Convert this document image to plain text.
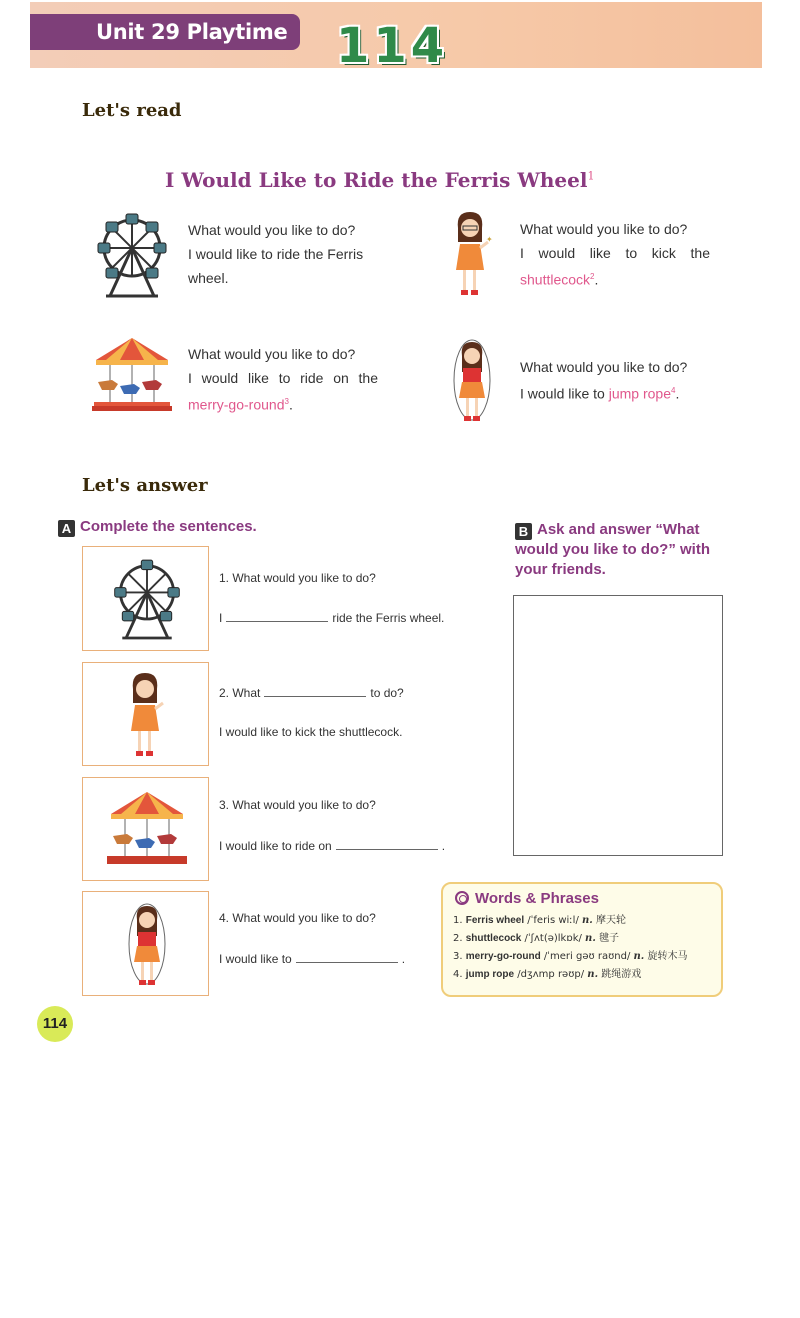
Unit 29 Playtime 114
Let's read
I Would Like to Ride the Ferris Wheel$^1$
What would you like to do?
I would like to ride the Ferris wheel.
✦
What would you like to do?
I would like to kick the
shuttlecock$^2$.
What would you like to do?
I would like to ride on the
merry-go-round$^3$.
What would you like to do?
I would like to jump rope$^4$.
Let's answer
A Complete the sentences.	B Ask and answer “What would you like to do?” with your friends.
1. What would you like to do?
I	ride the Ferris wheel.
2. What	to do?
I would like to kick the shuttlecock.
3. What would you like to do?
I would like to ride on	.
4. What would you like to do?
I would like to	.
Words & Phrases
1. Ferris wheel /ˈferis wiːl/ n. 摩天轮
2. shuttlecock /ˈʃʌt(ə)lkɒk/ n. 毽子
3. merry-go-round /ˈmeri gəʊ raʊnd/ n. 旋转木马
4. jump rope /dʒʌmp rəʊp/ n. 跳绳游戏
114
